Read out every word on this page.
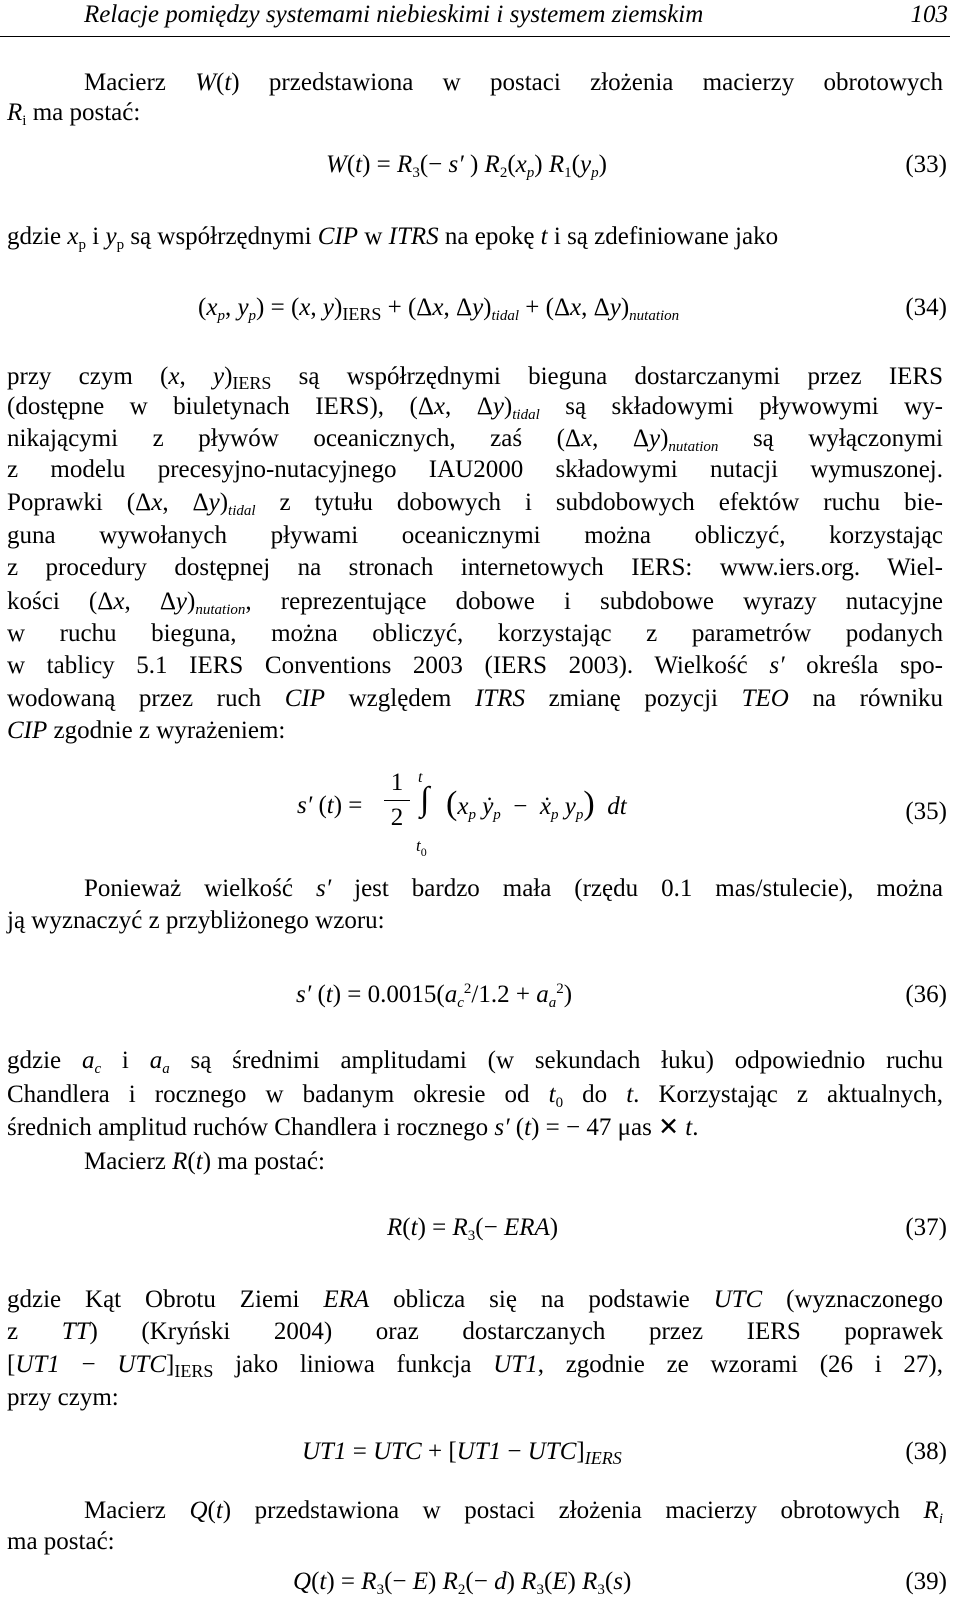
Relacje pomiędzy systemami niebieskimi i systemem ziemskim	103
Macierz W(t) przedstawiona w postaci złożenia macierzy obrotowych
$R_i$ ma postać:
$W(t) = R_3(- s'$ ) $R_2(x_p)$ $R_1(y_p)$	(33)
gdzie $x_p$ i $y_p$ są współrzędnymi CIP w ITRS na epokę t i są zdefiniowane jako
($x_p$, $y_p) = (x$, $y)_{IERS} + (\Delta x$, $\Delta y)_{tidal} + (\Delta x$, $\Delta y)_{nutation}$	(34)
przy czym (x, $y)_{IERS}$ są współrzędnymi bieguna dostarczanymi przez IERS
(dostępne w biuletynach IERS), (Δx, $\Delta y)_{tidal}$ są składowymi pływowymi wy-
nikającymi z pływów oceanicznych, zaś (Δx, $\Delta y)_{nutation}$ są wyłączonymi
z modelu precesyjno-nutacyjnego IAU2000 składowymi nutacji wymuszonej.
Poprawki (Δx, $\Delta y)_{tidal}$ z tytułu dobowych i subdobowych efektów ruchu bie-
guna wywołanych pływami oceanicznymi można obliczyć, korzystając
z procedury dostępnej na stronach internetowych IERS: www.iers.org. Wiel-
kości (Δx, $\Delta y)_{nutation}$, reprezentujące dobowe i subdobowe wyrazy nutacyjne
w ruchu bieguna, można obliczyć, korzystając z parametrów podanych
w tablicy 5.1 IERS Conventions 2003 (IERS 2003). Wielkość s′ określa spo-
wodowaną przez ruch CIP względem ITRS zmianę pozycji TEO na równiku
CIP zgodnie z wyrażeniem:
s′ $(t) = \frac{1}{2}$ t
∫
$t_0$
($x_p$ ẏ$_p$  −  ẋ$_p$ $y_p$) dt	(35)
Ponieważ wielkość s′ jest bardzo mała (rzędu 0.1 mas/stulecie), można
ją wyznaczyć z przybliżonego wzoru:
s′ $(t) = 0.0015(a_c^2/1.2 + a_a^2)$	(36)
gdzie $a_c$ i $a_a$ są średnimi amplitudami (w sekundach łuku) odpowiednio ruchu
Chandlera i rocznego w badanym okresie od $t_0$ do t. Korzystając z aktualnych,
średnich amplitud ruchów Chandlera i rocznego s′ (t) = − 47 μas ✕ t.
Macierz R(t) ma postać:
$R(t) = R_3(- ERA)$	(37)
gdzie Kąt Obrotu Ziemi ERA oblicza się na podstawie UTC (wyznaczonego
z TT) (Kryński 2004) oraz dostarczanych przez IERS poprawek
$[UT1 - UTC]_{IERS}$ jako liniowa funkcja UT1, zgodnie ze wzorami (26 i 27),
przy czym:
UT1 = UTC + $[UT1 - UTC]_{IERS}$	(38)
Macierz Q(t) przedstawiona w postaci złożenia macierzy obrotowych $R_i$
ma postać:
$Q(t) = R_3(- E)$ $R_2(- d)$ $R_3(E)$ $R_3(s)$	(39)
